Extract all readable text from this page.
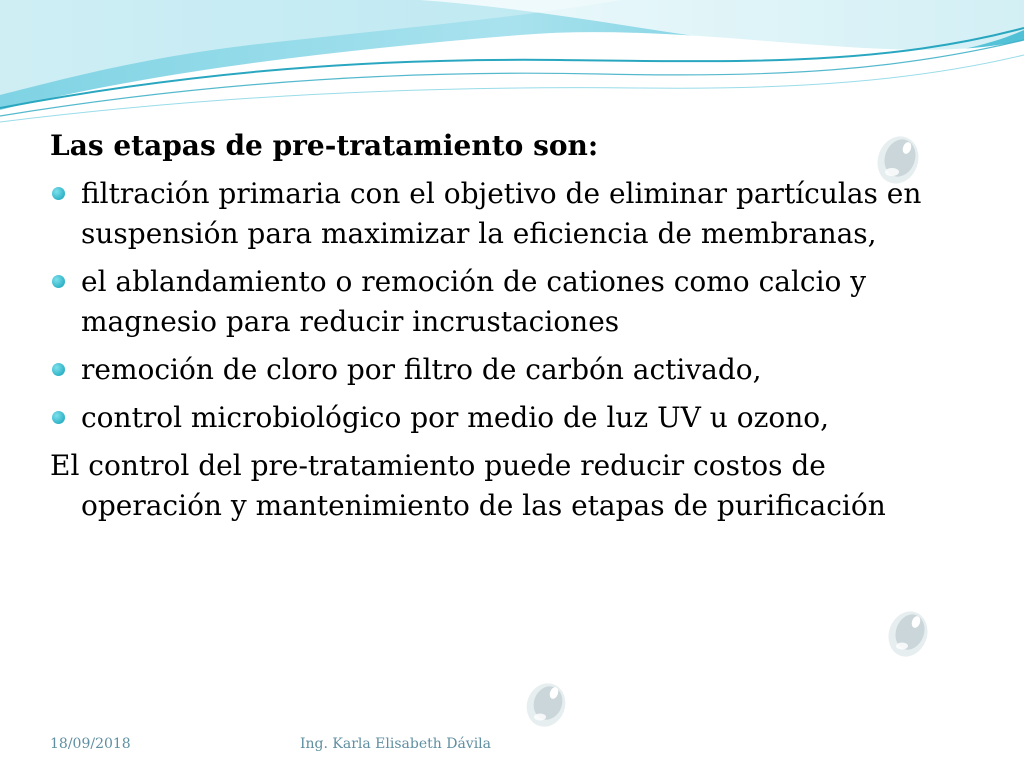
Las etapas de pre-tratamiento son:

filtración primaria con el objetivo de eliminar partículas en suspensión para maximizar la eficiencia de membranas,
el ablandamiento o remoción de cationes como calcio y magnesio para reducir incrustaciones
remoción de cloro por filtro de carbón activado,
control microbiológico por medio de luz UV u ozono,

El control del pre-tratamiento puede reducir costos de operación y mantenimiento de las etapas de purificación

18/09/2018	Ing. Karla Elisabeth Dávila
